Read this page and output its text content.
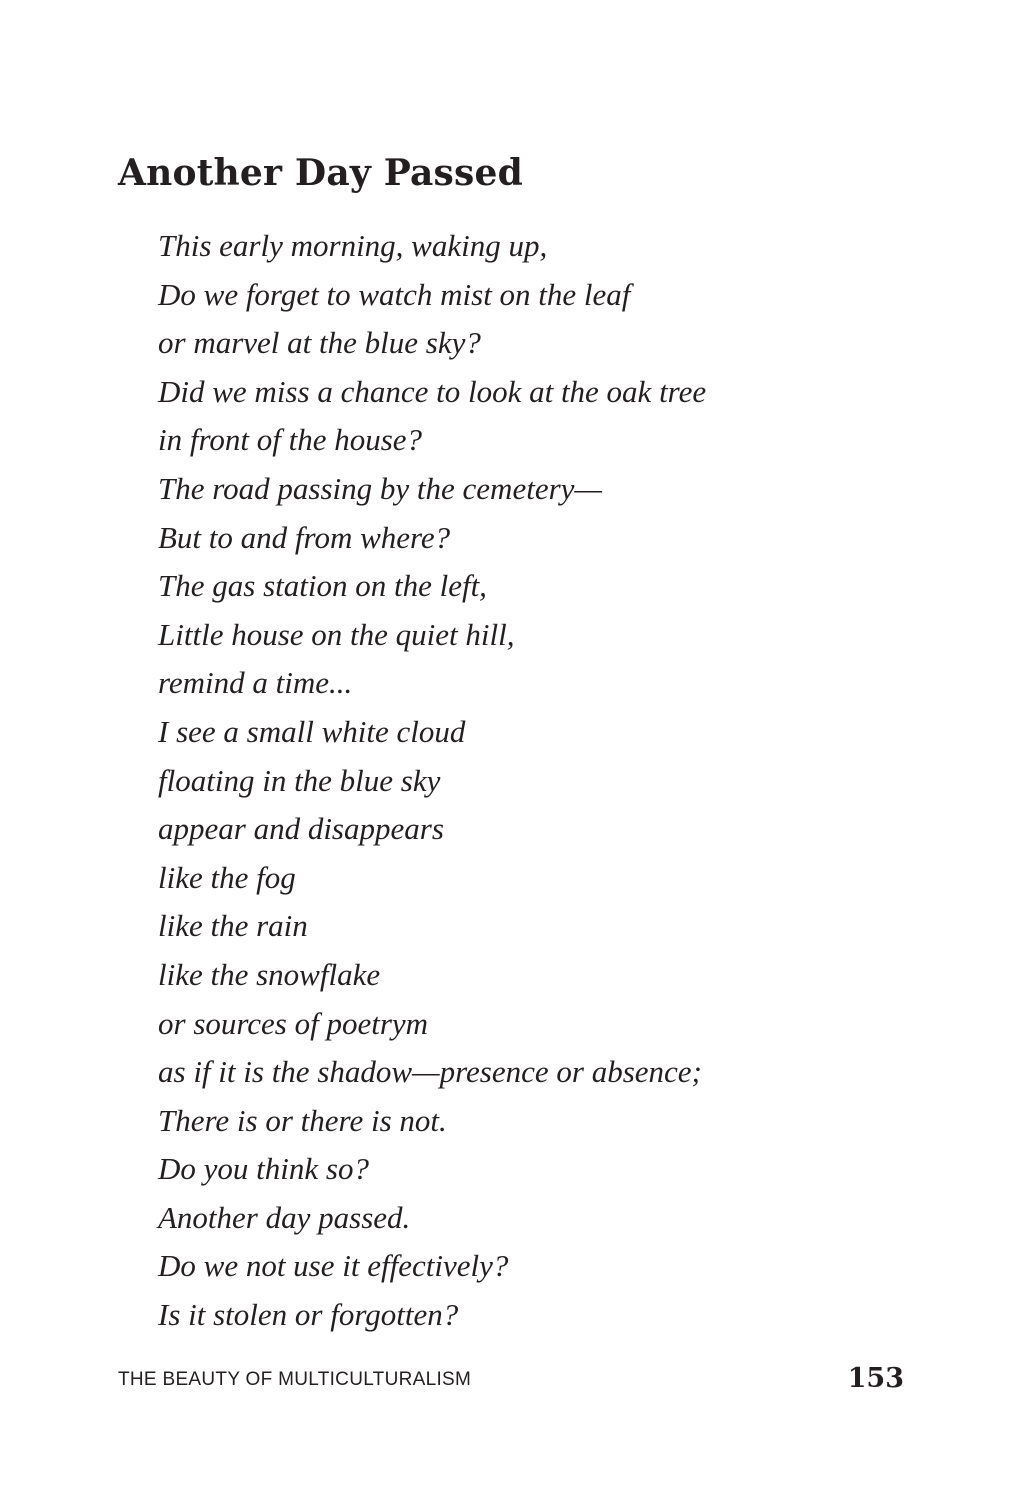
Another Day Passed
This early morning, waking up,
Do we forget to watch mist on the leaf
or marvel at the blue sky?
Did we miss a chance to look at the oak tree
in front of the house?
The road passing by the cemetery—
But to and from where?
The gas station on the left,
Little house on the quiet hill,
remind a time...
I see a small white cloud
floating in the blue sky
appear and disappears
like the fog
like the rain
like the snowflake
or sources of poetrym
as if it is the shadow—presence or absence;
There is or there is not.
Do you think so?
Another day passed.
Do we not use it effectively?
Is it stolen or forgotten?
THE BEAUTY OF MULTICULTURALISM	153
